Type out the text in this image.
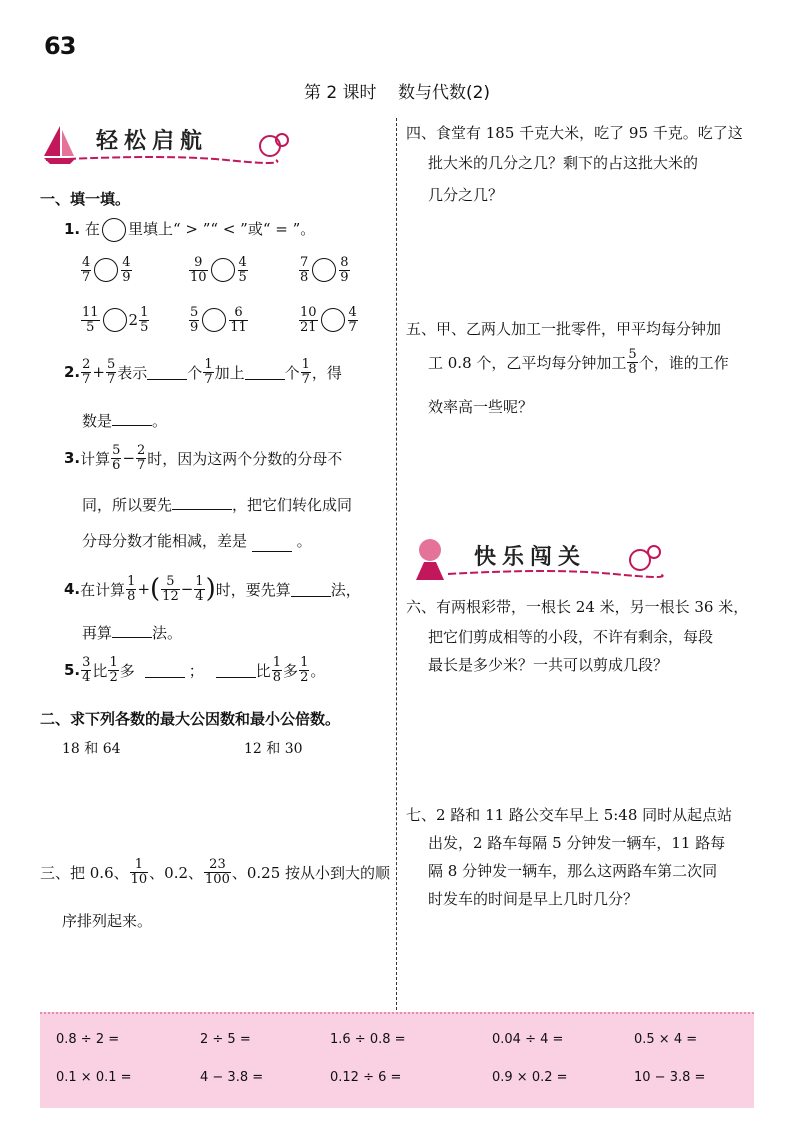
63
第 2 课时 数与代数(2)
轻松启航
一、填一填。
1. 在 里填上“ > ”“ < ”或“ = ”。
$\frac{4}{7} \frac{4}{9}$	$\frac{9}{10} \frac{4}{5}$	$\frac{7}{8} \frac{8}{9}$
$\frac{11}{5} 2 \frac{1}{5}$	$\frac{5}{9} \frac{6}{11}$	$\frac{10}{21} \frac{4}{7}$
2. $\frac{2}{7} + \frac{5}{7}$ 表示	个 $\frac{1}{7}$ 加上	个 $\frac{1}{7}$ ，得
数是	。
3. 计算 $\frac{5}{6} - \frac{2}{7}$ 时，因为这两个分数的分母不
同，所以要先	，把它们转化成同
分母分数才能相减，差是	。
4. 在计算 $\frac{1}{8}$ + ( $\frac{5}{12} - \frac{1}{4}$ ) 时，要先算	法，
再算	法。
5. $\frac{3}{4}$ 比 $\frac{1}{2}$ 多	；	比 $\frac{1}{8}$ 多 $\frac{1}{2}$ 。
二、求下列各数的最大公因数和最小公倍数。
18 和 64	12 和 30
三、把 0.6、 $\frac{1}{10}$ 、0.2、 $\frac{23}{100}$ 、0.25 按从小到大的顺
序排列起来。
四、食堂有 185 千克大米，吃了 95 千克。吃了这
批大米的几分之几？剩下的占这批大米的
几分之几？
五、甲、乙两人加工一批零件，甲平均每分钟加
工 0.8 个，乙平均每分钟加工 $\frac{5}{8}$ 个，谁的工作
效率高一些呢？
快乐闯关
六、有两根彩带，一根长 24 米，另一根长 36 米，
把它们剪成相等的小段，不许有剩余，每段
最长是多少米？一共可以剪成几段？
七、2 路和 11 路公交车早上 5:48 同时从起点站
出发，2 路车每隔 5 分钟发一辆车，11 路每
隔 8 分钟发一辆车，那么这两路车第二次同
时发车的时间是早上几时几分？
0.8 ÷ 2 =	2 ÷ 5 =	1.6 ÷ 0.8 =	0.04 ÷ 4 =	0.5 × 4 =
0.1 × 0.1 =	4 − 3.8 =	0.12 ÷ 6 =	0.9 × 0.2 =	10 − 3.8 =
